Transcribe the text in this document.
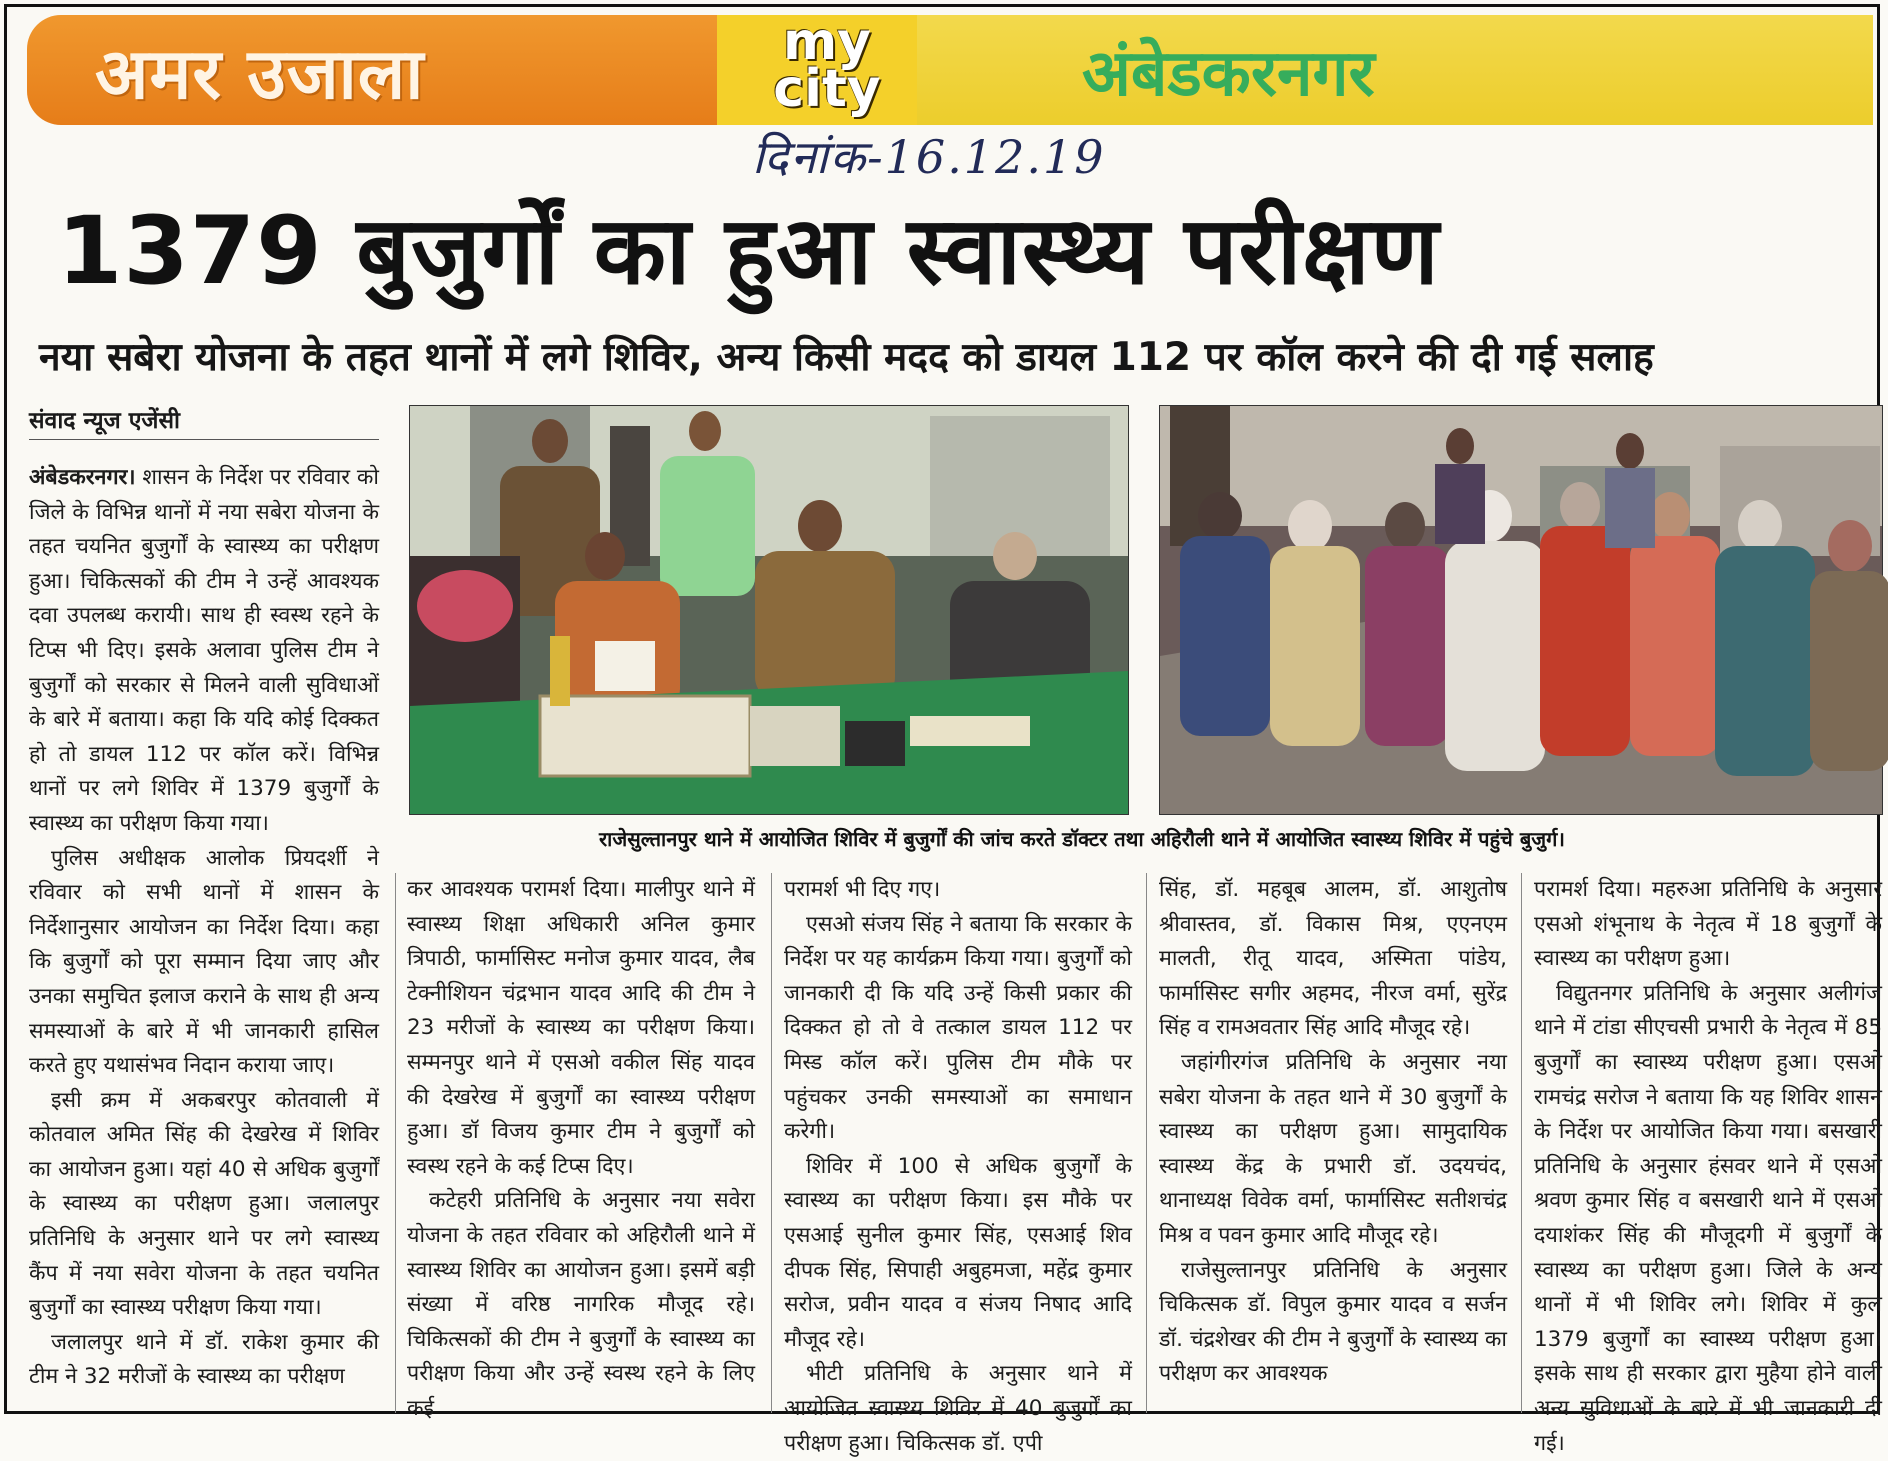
अमर उजाला	my
city	अंबेडकरनगर
दिनांक-16.12.19
1379 बुजुर्गों का हुआ स्वास्थ्य परीक्षण
नया सबेरा योजना के तहत थानों में लगे शिविर, अन्य किसी मदद को डायल 112 पर कॉल करने की दी गई सलाह
संवाद न्यूज एजेंसी
राजेसुल्तानपुर थाने में आयोजित शिविर में बुजुर्गों की जांच करते डॉक्टर तथा अहिरौली थाने में आयोजित स्वास्थ्य शिविर में पहुंचे बुजुर्ग।

अंबेडकरनगर। शासन के निर्देश पर रविवार को जिले के विभिन्न थानों में नया सबेरा योजना के तहत चयनित बुजुर्गों के स्वास्थ्य का परीक्षण हुआ। चिकित्सकों की टीम ने उन्हें आवश्यक दवा उपलब्ध करायी। साथ ही स्वस्थ रहने के टिप्स भी दिए। इसके अलावा पुलिस टीम ने बुजुर्गों को सरकार से मिलने वाली सुविधाओं के बारे में बताया। कहा कि यदि कोई दिक्कत हो तो डायल 112 पर कॉल करें। विभिन्न थानों पर लगे शिविर में 1379 बुजुर्गों के स्वास्थ्य का परीक्षण किया गया।

पुलिस अधीक्षक आलोक प्रियदर्शी ने रविवार को सभी थानों में शासन के निर्देशानुसार आयोजन का निर्देश दिया। कहा कि बुजुर्गों को पूरा सम्मान दिया जाए और उनका समुचित इलाज कराने के साथ ही अन्य समस्याओं के बारे में भी जानकारी हासिल करते हुए यथासंभव निदान कराया जाए।

इसी क्रम में अकबरपुर कोतवाली में कोतवाल अमित सिंह की देखरेख में शिविर का आयोजन हुआ। यहां 40 से अधिक बुजुर्गों के स्वास्थ्य का परीक्षण हुआ। जलालपुर प्रतिनिधि के अनुसार थाने पर लगे स्वास्थ्य कैंप में नया सवेरा योजना के तहत चयनित बुजुर्गों का स्वास्थ्य परीक्षण किया गया।

जलालपुर थाने में डॉ. राकेश कुमार की टीम ने 32 मरीजों के स्वास्थ्य का परीक्षण

कर आवश्यक परामर्श दिया। मालीपुर थाने में स्वास्थ्य शिक्षा अधिकारी अनिल कुमार त्रिपाठी, फार्मासिस्ट मनोज कुमार यादव, लैब टेक्नीशियन चंद्रभान यादव आदि की टीम ने 23 मरीजों के स्वास्थ्य का परीक्षण किया। सम्मनपुर थाने में एसओ वकील सिंह यादव की देखरेख में बुजुर्गों का स्वास्थ्य परीक्षण हुआ। डॉ विजय कुमार टीम ने बुजुर्गों को स्वस्थ रहने के कई टिप्स दिए।

कटेहरी प्रतिनिधि के अनुसार नया सवेरा योजना के तहत रविवार को अहिरौली थाने में स्वास्थ्य शिविर का आयोजन हुआ। इसमें बड़ी संख्या में वरिष्ठ नागरिक मौजूद रहे। चिकित्सकों की टीम ने बुजुर्गों के स्वास्थ्य का परीक्षण किया और उन्हें स्वस्थ रहने के लिए कई

परामर्श भी दिए गए।

एसओ संजय सिंह ने बताया कि सरकार के निर्देश पर यह कार्यक्रम किया गया। बुजुर्गों को जानकारी दी कि यदि उन्हें किसी प्रकार की दिक्कत हो तो वे तत्काल डायल 112 पर मिस्ड कॉल करें। पुलिस टीम मौके पर पहुंचकर उनकी समस्याओं का समाधान करेगी।

शिविर में 100 से अधिक बुजुर्गों के स्वास्थ्य का परीक्षण किया। इस मौके पर एसआई सुनील कुमार सिंह, एसआई शिव दीपक सिंह, सिपाही अबुहमजा, महेंद्र कुमार सरोज, प्रवीन यादव व संजय निषाद आदि मौजूद रहे।

भीटी प्रतिनिधि के अनुसार थाने में आयोजित स्वास्थ्य शिविर में 40 बुजुर्गों का परीक्षण हुआ। चिकित्सक डॉ. एपी

सिंह, डॉ. महबूब आलम, डॉ. आशुतोष श्रीवास्तव, डॉ. विकास मिश्र, एएनएम मालती, रीतू यादव, अस्मिता पांडेय, फार्मासिस्ट सगीर अहमद, नीरज वर्मा, सुरेंद्र सिंह व रामअवतार सिंह आदि मौजूद रहे।

जहांगीरगंज प्रतिनिधि के अनुसार नया सबेरा योजना के तहत थाने में 30 बुजुर्गों के स्वास्थ्य का परीक्षण हुआ। सामुदायिक स्वास्थ्य केंद्र के प्रभारी डॉ. उदयचंद, थानाध्यक्ष विवेक वर्मा, फार्मासिस्ट सतीशचंद्र मिश्र व पवन कुमार आदि मौजूद रहे।

राजेसुल्तानपुर प्रतिनिधि के अनुसार चिकित्सक डॉ. विपुल कुमार यादव व सर्जन डॉ. चंद्रशेखर की टीम ने बुजुर्गों के स्वास्थ्य का परीक्षण कर आवश्यक

परामर्श दिया। महरुआ प्रतिनिधि के अनुसार एसओ शंभूनाथ के नेतृत्व में 18 बुजुर्गों के स्वास्थ्य का परीक्षण हुआ।

विद्युतनगर प्रतिनिधि के अनुसार अलीगंज थाने में टांडा सीएचसी प्रभारी के नेतृत्व में 85 बुजुर्गों का स्वास्थ्य परीक्षण हुआ। एसओ रामचंद्र सरोज ने बताया कि यह शिविर शासन के निर्देश पर आयोजित किया गया। बसखारी प्रतिनिधि के अनुसार हंसवर थाने में एसओ श्रवण कुमार सिंह व बसखारी थाने में एसओ दयाशंकर सिंह की मौजूदगी में बुजुर्गों के स्वास्थ्य का परीक्षण हुआ। जिले के अन्य थानों में भी शिविर लगे। शिविर में कुल 1379 बुजुर्गों का स्वास्थ्य परीक्षण हुआ। इसके साथ ही सरकार द्वारा मुहैया होने वाली अन्य सुविधाओं के बारे में भी जानकारी दी गई।
